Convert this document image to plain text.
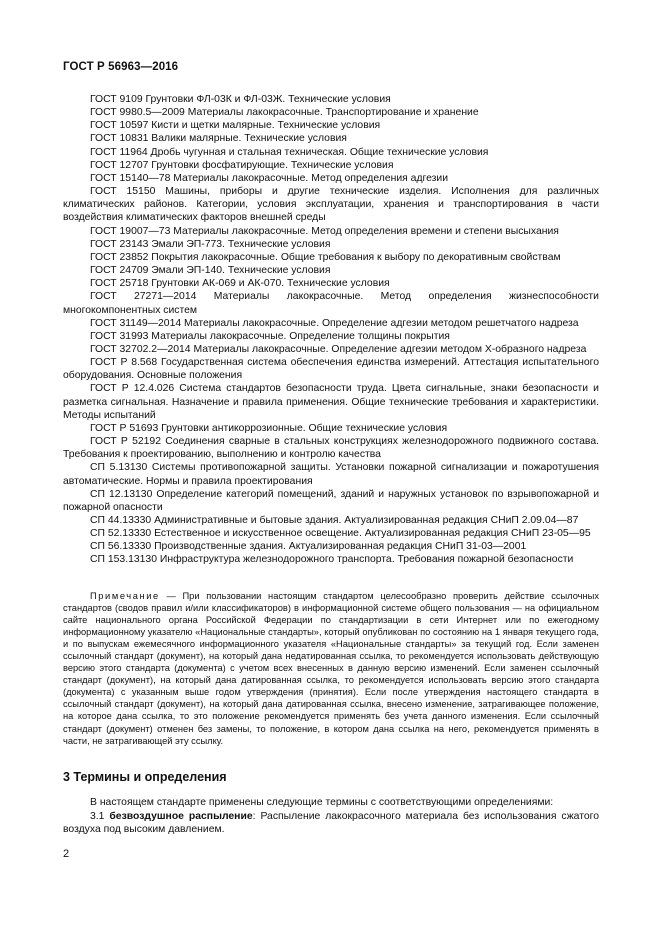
ГОСТ Р 56963—2016

ГОСТ 9109 Грунтовки ФЛ-03К и ФЛ-03Ж. Технические условия

ГОСТ 9980.5—2009 Материалы лакокрасочные. Транспортирование и хранение

ГОСТ 10597 Кисти и щетки малярные. Технические условия

ГОСТ 10831 Валики малярные. Технические условия

ГОСТ 11964 Дробь чугунная и стальная техническая. Общие технические условия

ГОСТ 12707 Грунтовки фосфатирующие. Технические условия

ГОСТ 15140—78 Материалы лакокрасочные. Метод определения адгезии

ГОСТ 15150 Машины, приборы и другие технические изделия. Исполнения для различных климатических районов. Категории, условия эксплуатации, хранения и транспортирования в части воздействия климатических факторов внешней среды

ГОСТ 19007—73 Материалы лакокрасочные. Метод определения времени и степени высыхания

ГОСТ 23143 Эмали ЭП-773. Технические условия

ГОСТ 23852 Покрытия лакокрасочные. Общие требования к выбору по декоративным свойствам

ГОСТ 24709 Эмали ЭП-140. Технические условия

ГОСТ 25718 Грунтовки АК-069 и АК-070. Технические условия

ГОСТ 27271—2014 Материалы лакокрасочные. Метод определения жизнеспособности многокомпонентных систем

ГОСТ 31149—2014 Материалы лакокрасочные. Определение адгезии методом решетчатого надреза

ГОСТ 31993 Материалы лакокрасочные. Определение толщины покрытия

ГОСТ 32702.2—2014 Материалы лакокрасочные. Определение адгезии методом Х-образного надреза

ГОСТ Р 8.568 Государственная система обеспечения единства измерений. Аттестация испытательного оборудования. Основные положения

ГОСТ Р 12.4.026 Система стандартов безопасности труда. Цвета сигнальные, знаки безопасности и разметка сигнальная. Назначение и правила применения. Общие технические требования и характеристики. Методы испытаний

ГОСТ Р 51693 Грунтовки антикоррозионные. Общие технические условия

ГОСТ Р 52192 Соединения сварные в стальных конструкциях железнодорожного подвижного состава. Требования к проектированию, выполнению и контролю качества

СП 5.13130 Системы противопожарной защиты. Установки пожарной сигнализации и пожаротушения автоматические. Нормы и правила проектирования

СП 12.13130 Определение категорий помещений, зданий и наружных установок по взрывопожарной и пожарной опасности

СП 44.13330 Административные и бытовые здания. Актуализированная редакция СНиП 2.09.04—87

СП 52.13330 Естественное и искусственное освещение. Актуализированная редакция СНиП 23-05—95

СП 56.13330 Производственные здания. Актуализированная редакция СНиП 31-03—2001

СП 153.13130 Инфраструктура железнодорожного транспорта. Требования пожарной безопасности

Примечание — При пользовании настоящим стандартом целесообразно проверить действие ссылочных стандартов (сводов правил и/или классификаторов) в информационной системе общего пользования — на официальном сайте национального органа Российской Федерации по стандартизации в сети Интернет или по ежегодному информационному указателю «Национальные стандарты», который опубликован по состоянию на 1 января текущего года, и по выпускам ежемесячного информационного указателя «Национальные стандарты» за текущий год. Если заменен ссылочный стандарт (документ), на который дана недатированная ссылка, то рекомендуется использовать действующую версию этого стандарта (документа) с учетом всех внесенных в данную версию изменений. Если заменен ссылочный стандарт (документ), на который дана датированная ссылка, то рекомендуется использовать версию этого стандарта (документа) с указанным выше годом утверждения (принятия). Если после утверждения настоящего стандарта в ссылочный стандарт (документ), на который дана датированная ссылка, внесено изменение, затрагивающее положение, на которое дана ссылка, то это положение рекомендуется применять без учета данного изменения. Если ссылочный стандарт (документ) отменен без замены, то положение, в котором дана ссылка на него, рекомендуется применять в части, не затрагивающей эту ссылку.
3 Термины и определения

В настоящем стандарте применены следующие термины с соответствующими определениями:

3.1 безвоздушное распыление: Распыление лакокрасочного материала без использования сжатого воздуха под высоким давлением.

2
